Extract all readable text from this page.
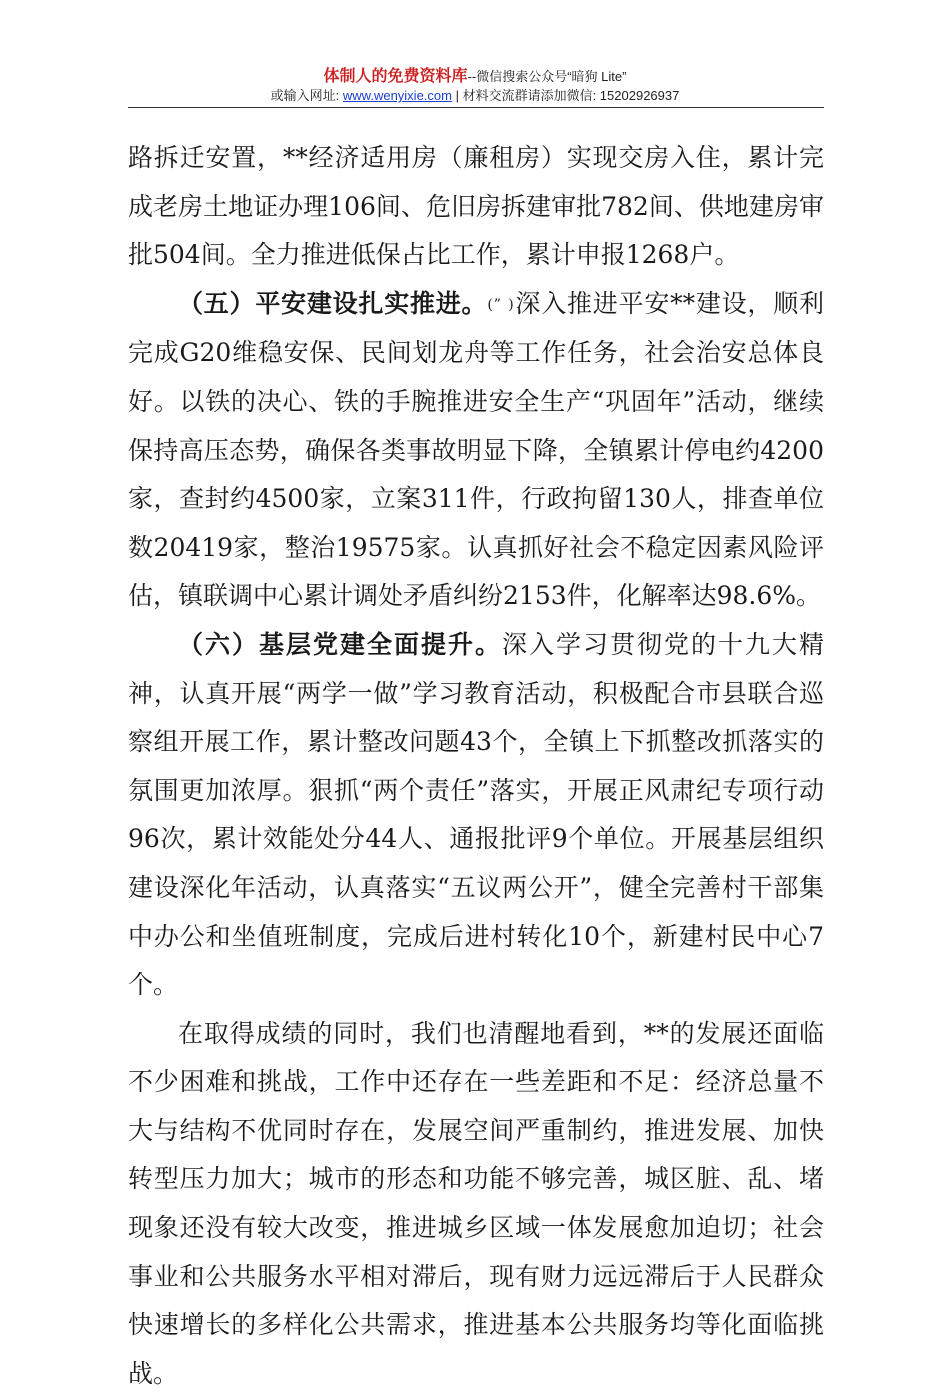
体制人的免费资料库--微信搜索公众号“暗狗 Lite”
或输入网址: www.wenyixie.com | 材料交流群请添加微信: 15202926937

路拆迁安置，**经济适用房（廉租房）实现交房入住，累计完成老房土地证办理106间、危旧房拆建审批782间、供地建房审批504间。全力推进低保占比工作，累计申报1268户。

（五）平安建设扎实推进。(” )深入推进平安**建设，顺利完成G20维稳安保、民间划龙舟等工作任务，社会治安总体良好。以铁的决心、铁的手腕推进安全生产“巩固年”活动，继续保持高压态势，确保各类事故明显下降，全镇累计停电约4200家，查封约4500家，立案311件，行政拘留130人，排查单位数20419家，整治19575家。认真抓好社会不稳定因素风险评估，镇联调中心累计调处矛盾纠纷2153件，化解率达98.6%。

（六）基层党建全面提升。深入学习贯彻党的十九大精神，认真开展“两学一做”学习教育活动，积极配合市县联合巡察组开展工作，累计整改问题43个，全镇上下抓整改抓落实的氛围更加浓厚。狠抓“两个责任”落实，开展正风肃纪专项行动96次，累计效能处分44人、通报批评9个单位。开展基层组织建设深化年活动，认真落实“五议两公开”，健全完善村干部集中办公和坐值班制度，完成后进村转化10个，新建村民中心7个。

在取得成绩的同时，我们也清醒地看到，**的发展还面临不少困难和挑战，工作中还存在一些差距和不足：经济总量不大与结构不优同时存在，发展空间严重制约，推进发展、加快转型压力加大；城市的形态和功能不够完善，城区脏、乱、堵现象还没有较大改变，推进城乡区域一体发展愈加迫切；社会事业和公共服务水平相对滞后，现有财力远远滞后于人民群众快速增长的多样化公共需求，推进基本公共服务均等化面临挑战。
